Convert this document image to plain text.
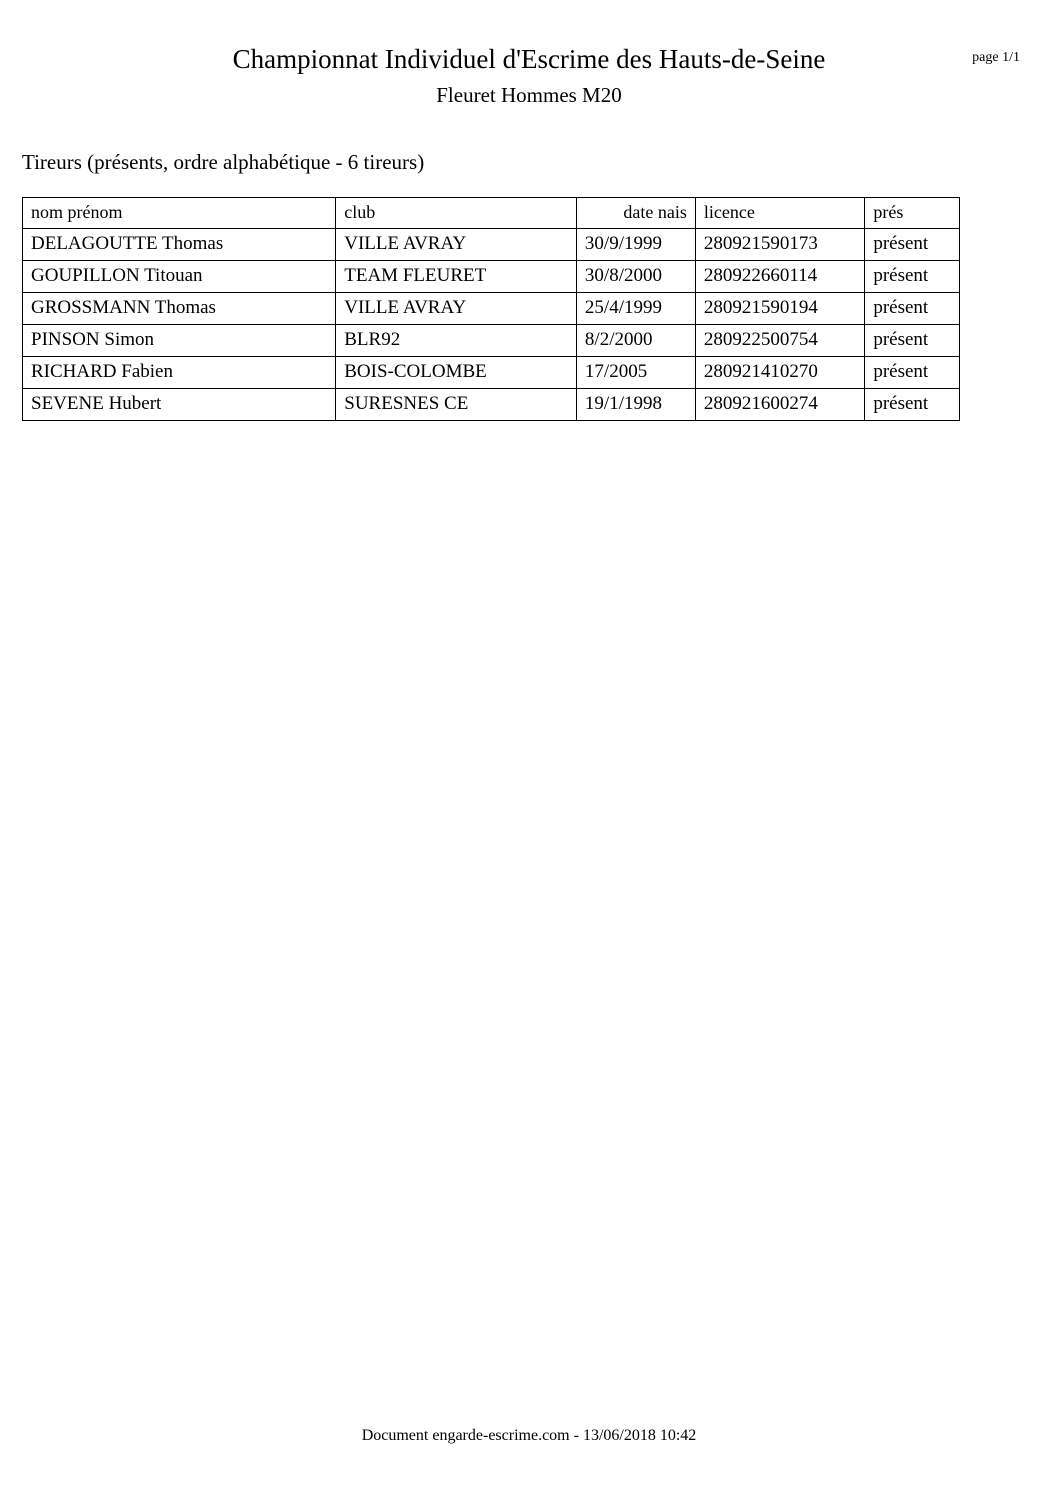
page 1/1
Championnat Individuel d'Escrime des Hauts-de-Seine
Fleuret Hommes M20
Tireurs (présents, ordre alphabétique - 6 tireurs)
nom prénom	club	date nais	licence	prés
DELAGOUTTE Thomas	VILLE AVRAY	30/9/1999	280921590173	présent
GOUPILLON Titouan	TEAM FLEURET	30/8/2000	280922660114	présent
GROSSMANN Thomas	VILLE AVRAY	25/4/1999	280921590194	présent
PINSON Simon	BLR92	8/2/2000	280922500754	présent
RICHARD Fabien	BOIS-COLOMBE	17/2005	280921410270	présent
SEVENE Hubert	SURESNES CE	19/1/1998	280921600274	présent
Document engarde-escrime.com - 13/06/2018 10:42
